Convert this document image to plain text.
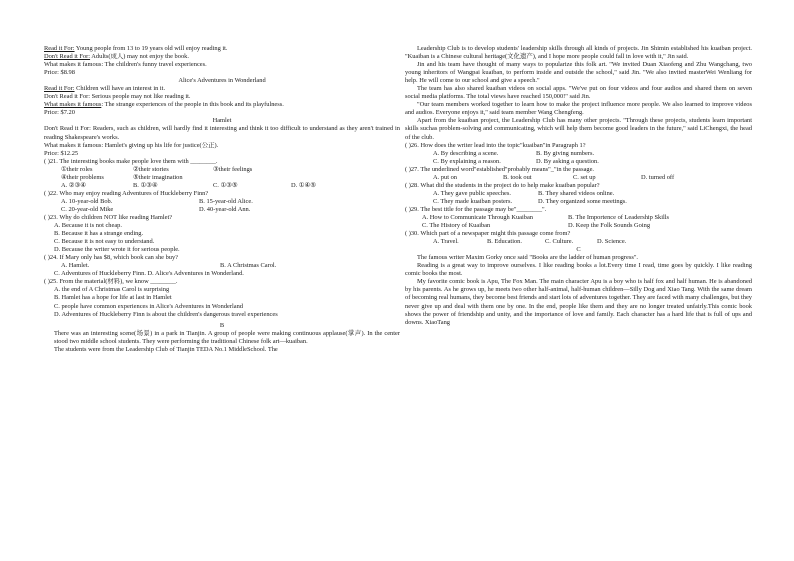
Read it For: Young people from 13 to 19 years old will enjoy reading it.
Don't Read it For: Adults(成人) may not enjoy the book.
What makes it famous: The children's funny travel experiences.
Price: $8.98
Alice's Adventures in Wonderland
Read it For: Children will have an interest in it.
Don't Read it For: Serious people may not like reading it.
What makes it famous: The strange experiences of the people in this book and its playfulness.
Price: $7.20
Hamlet
Don't Read it For: Readers, such as children, will hardly find it interesting and think it too difficult to understand as they aren't trained in reading Shakespeare's works.
What makes it famous: Hamlet's giving up his life for justice(公正).
Price: $12.25
( )21. The interesting books make people love them with ________.
①their roles	②their stories	③their feelings
④their problems	⑤their imagination
A. ②③④	B. ①③④	C. ①③⑤	D. ①④⑤
( )22. Who may enjoy reading Adventures of Huckleberry Finn?
A. 10-year-old Bob.	B. 15-year-old Alice.
C. 20-year-old Mike	D. 40-year-old Ann.
( )23. Why do children NOT like reading Hamlet?
A. Because it is not cheap.
B. Because it has a strange ending.
C. Because it is not easy to understand.
D. Because the writer wrote it for serious people.
( )24. If Mary only has $8, which book can she buy?
A. Hamlet.	B. A Christmas Carol.
C. Adventures of Huckleberry Finn. D. Alice's Adventures in Wonderland.
( )25. From the material(材料), we know ________.
A. the end of A Christmas Carol is surprising
B. Hamlet has a hope for life at last in Hamlet
C. people have common experiences in Alice's Adventures in Wonderland
D. Adventures of Huckleberry Finn is about the children's dangerous travel experiences
B
There was an interesting scene(场景) in a park in Tianjin. A group of people were making continuous applause(掌声). In the center stood two middle school students. They were performing the traditional Chinese folk art—kuaiban.
The students were from the Leadership Club of Tianjin TEDA No.1 MiddleSchool. The
Leadership Club is to develop students' leadership skills through all kinds of projects. Jin Shimin established his kuaiban project. "Kuaiban is a Chinese cultural heritage(文化遗产), and I hope more people could fall in love with it," Jin said.
Jin and his team have thought of many ways to popularize this folk art. "We invited Duan Xiaofeng and Zhu Wangchang, two young inheritors of Wangpai kuaiban, to perform inside and outside the school," said Jin. "We also invited masterWei Wenliang for help. He will come to our school and give a speech."
The team has also shared kuaiban videos on social apps. "We've put on four videos and four audios and shared them on seven social media platforms. The total views have reached 150,000!" said Jin.
"Our team members worked together to learn how to make the project influence more people. We also learned to improve videos and audios. Everyone enjoys it," said team member Wang Chengfeng.
Apart from the kuaiban project, the Leadership Club has many other projects. "Through these projects, students learn important skills suchas problem-solving and communicating, which will help them become good leaders in the future," said LiChengxi, the head of the club.
( )26. How does the writer lead into the topic"kuaiban"in Paragraph 1?
A. By describing a scene.	B. By giving numbers.
C. By explaining a reason.	D. By asking a question.
( )27. The underlined word"established"probably means"_"in the passage.
A. put on	B. took out	C. set up	D. turned off
( )28. What did the students in the project do to help make kuaiban popular?
A. They gave public speeches.	B. They shared videos online.
C. They made kuaiban posters.	D. They organized some meetings.
( )29. The best title for the passage may be"________".
A. How to Communicate Through Kuaiban	B. The Importence of Leadership Skills
C. The History of Kuaiban	D. Keep the Folk Sounds Going
( )30. Which part of a newspaper might this passage come from?
A. Travel.	B. Education.	C. Culture.	D. Science.
C
The famous writer Maxim Gorky once said "Books are the ladder of human progress".
Reading is a great way to improve ourselves. I like reading books a lot.Every time I read, time goes by quickly. I like reading comic books the most.
My favorite comic book is Apu, The Fox Man. The main character Apu is a boy who is half fox and half human. He is abandoned by his parents. As he grows up, he meets two other half-animal, half-human children—Silly Dog and Xiao Tang. With the same dream of becoming real humans, they become best friends and start lots of adventures together. They are faced with many challenges, but they never give up and deal with them one by one. In the end, people like them and they are no longer treated unfairly.This comic book shows the power of friendship and unity, and the importance of love and family. Each character has a hard life that is full of ups and downs. XiaoTang
